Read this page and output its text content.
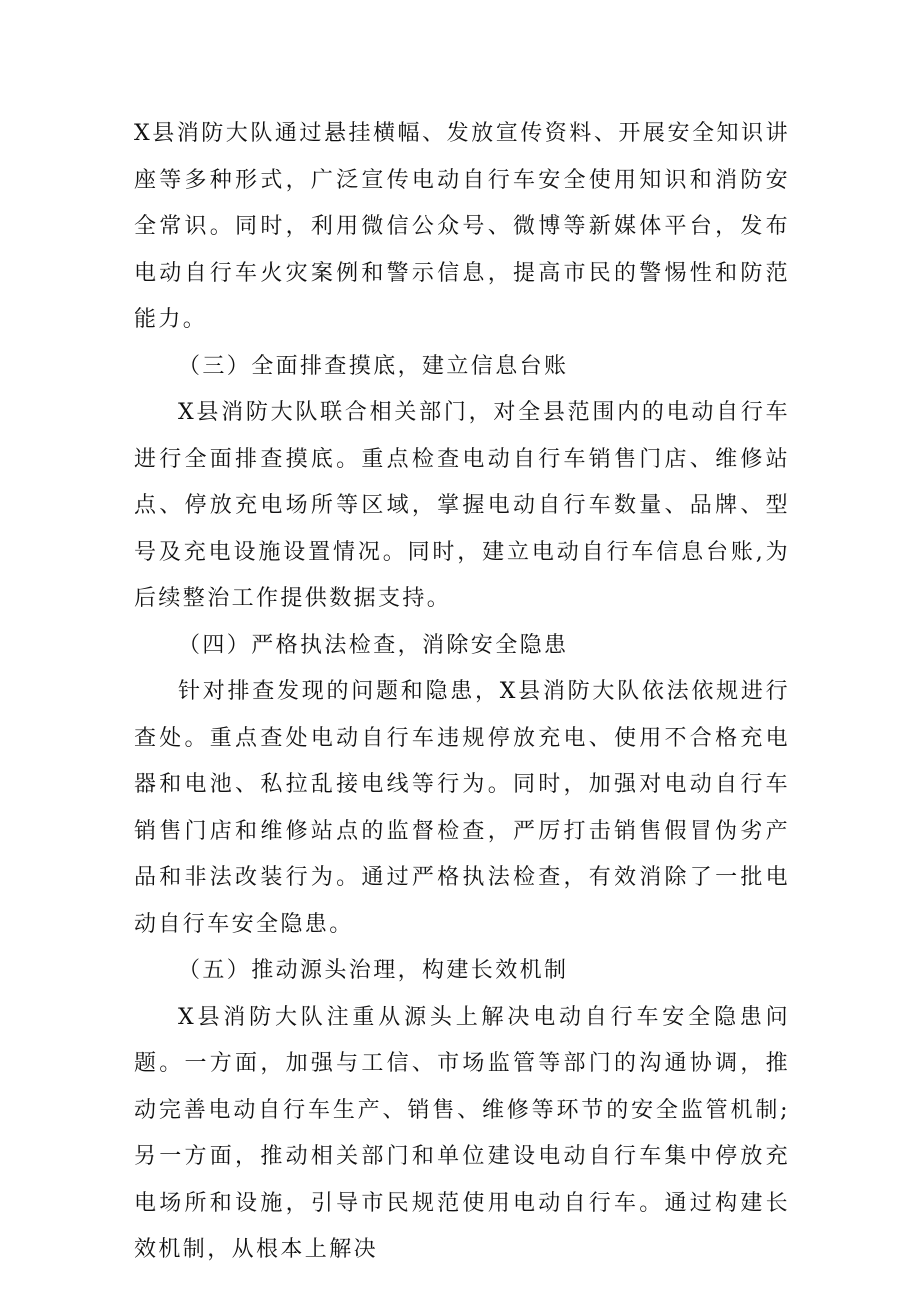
X县消防大队通过悬挂横幅、发放宣传资料、开展安全知识讲座等多种形式，广泛宣传电动自行车安全使用知识和消防安全常识。同时，利用微信公众号、微博等新媒体平台，发布电动自行车火灾案例和警示信息，提高市民的警惕性和防范能力。

（三）全面排查摸底，建立信息台账

X县消防大队联合相关部门，对全县范围内的电动自行车进行全面排查摸底。重点检查电动自行车销售门店、维修站点、停放充电场所等区域，掌握电动自行车数量、品牌、型号及充电设施设置情况。同时，建立电动自行车信息台账,为后续整治工作提供数据支持。

（四）严格执法检查，消除安全隐患

针对排查发现的问题和隐患，X县消防大队依法依规进行查处。重点查处电动自行车违规停放充电、使用不合格充电器和电池、私拉乱接电线等行为。同时，加强对电动自行车销售门店和维修站点的监督检查，严厉打击销售假冒伪劣产品和非法改装行为。通过严格执法检查，有效消除了一批电动自行车安全隐患。

（五）推动源头治理，构建长效机制

X县消防大队注重从源头上解决电动自行车安全隐患问题。一方面，加强与工信、市场监管等部门的沟通协调，推动完善电动自行车生产、销售、维修等环节的安全监管机制;另一方面，推动相关部门和单位建设电动自行车集中停放充电场所和设施，引导市民规范使用电动自行车。通过构建长效机制，从根本上解决
